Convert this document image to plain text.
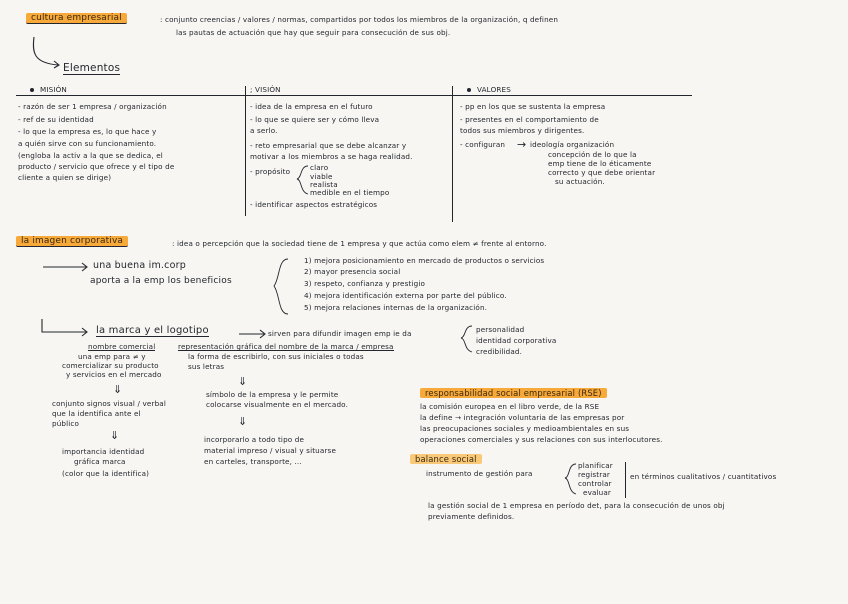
cultura empresarial	: conjunto creencias / valores / normas, compartidos por todos los miembros de la organización, q definen
las pautas de actuación que hay que seguir para consecución de sus obj.
Elementos
MISIÓN
- razón de ser 1 empresa / organización
- ref de su identidad
- lo que la empresa es, lo que hace y
a quién sirve con su funcionamiento.
(engloba la activ a la que se dedica, el
producto / servicio que ofrece y el tipo de
cliente a quien se dirige)
; VISIÓN
- idea de la empresa en el futuro
- lo que se quiere ser y cómo lleva
a serlo.
- reto empresarial que se debe alcanzar y
motivar a los miembros a se haga realidad.
- propósito	claro
viable
realista
medible en el tiempo
- identificar aspectos estratégicos
VALORES
- pp en los que se sustenta la empresa
- presentes en el comportamiento de
todos sus miembros y dirigentes.
- configuran → ideología organización
concepción de lo que la
emp tiene de lo éticamente
correcto y que debe orientar
su actuación.
la imagen corporativa	: idea o percepción que la sociedad tiene de 1 empresa y que actúa como elem ≠ frente al entorno.
una buena im.corp
aporta a la emp los beneficios
1) mejora posicionamiento en mercado de productos o servicios
2) mayor presencia social
3) respeto, confianza y prestigio
4) mejora identificación externa por parte del público.
5) mejora relaciones internas de la organización.
la marca y el logotipo	sirven para difundir imagen emp ie da	personalidad
identidad corporativa
credibilidad.
nombre comercial
una emp para ≠ y
comercializar su producto
y servicios en el mercado
representación gráfica del nombre de la marca / empresa
la forma de escribirlo, con sus iniciales o todas
sus letras
⇓
conjunto signos visual / verbal
que la identifica ante el
público
⇓
importancia identidad
gráfica marca
(color que la identifica)
⇓
símbolo de la empresa y le permite
colocarse visualmente en el mercado.
⇓
incorporarlo a todo tipo de
material impreso / visual y situarse
en carteles, transporte, ...
responsabilidad social empresarial (RSE)
la comisión europea en el libro verde, de la RSE
la define → integración voluntaria de las empresas por
las preocupaciones sociales y medioambientales en sus
operaciones comerciales y sus relaciones con sus interlocutores.
balance social
instrumento de gestión para
planificar
registrar
controlar
evaluar
en términos cualitativos / cuantitativos
la gestión social de 1 empresa en período det, para la consecución de unos obj
previamente definidos.
